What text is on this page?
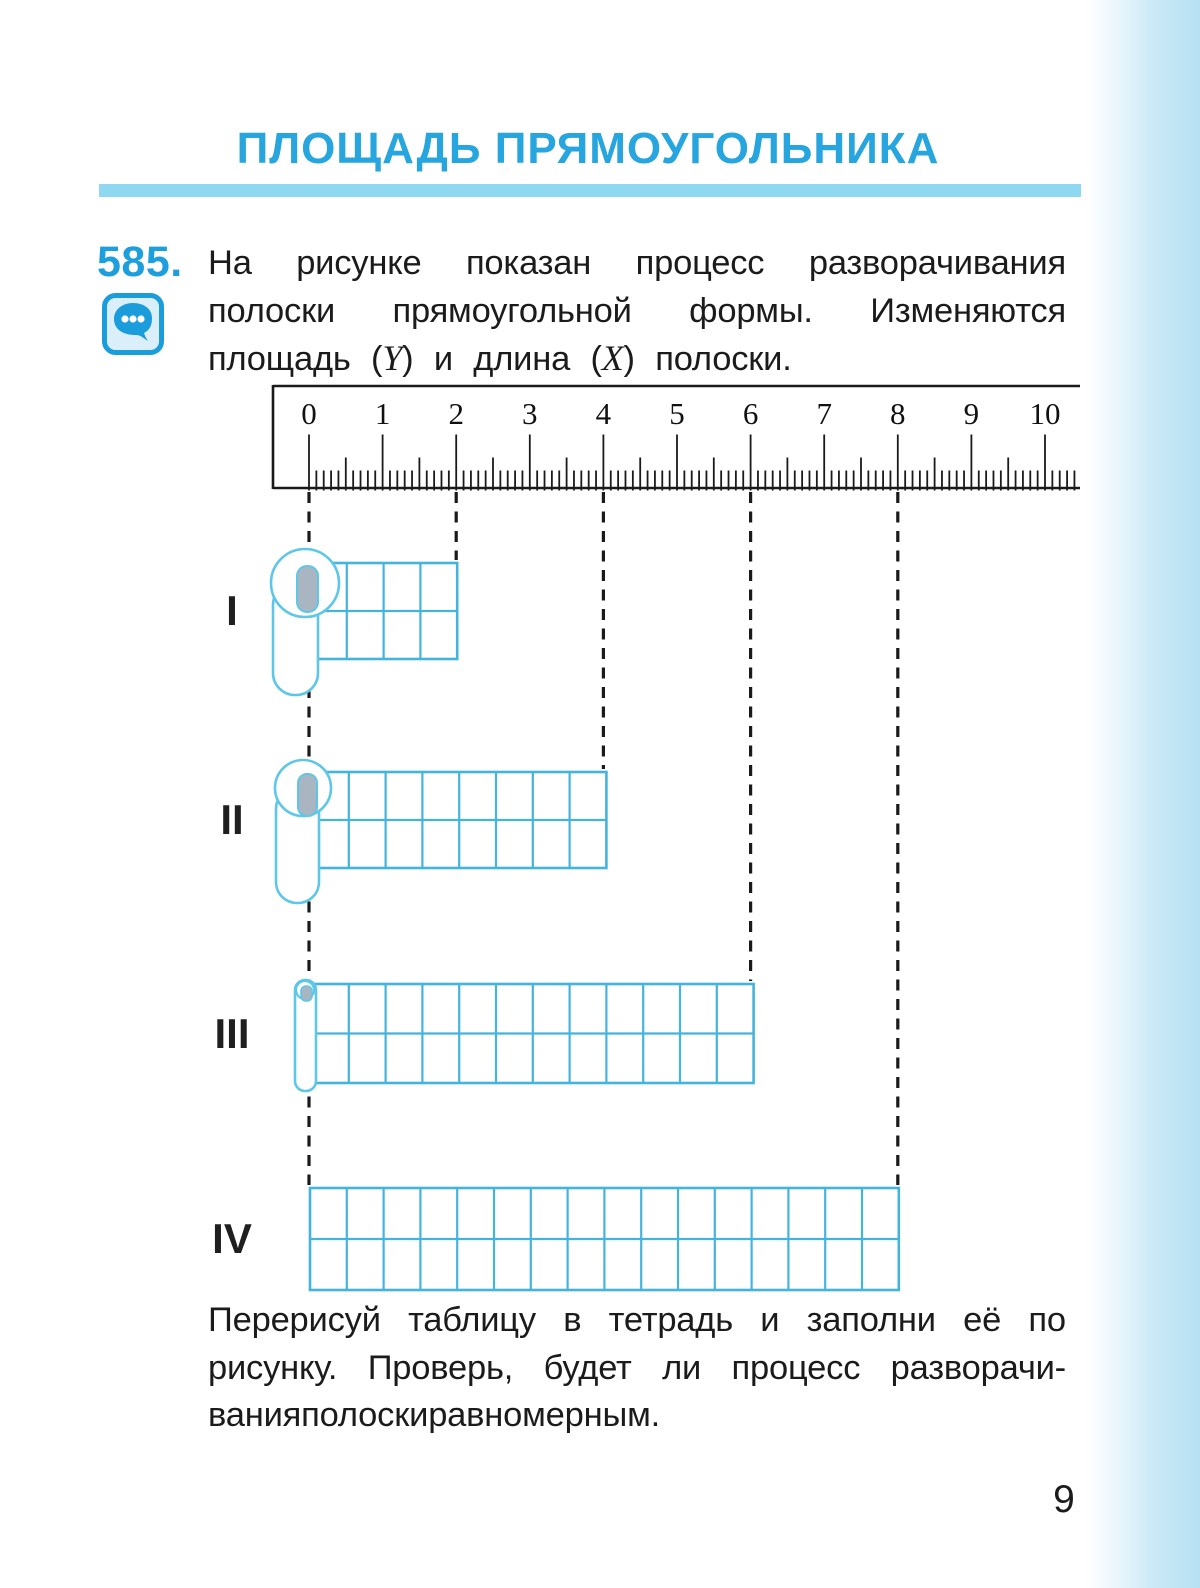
ПЛОЩАДЬ ПРЯМОУГОЛЬНИКА
585. На рисунке показан процесс разворачивания
полоски прямоугольной формы. Изменяются
площадь (Y) и длина (X) полоски.
Перерисуй таблицу в тетрадь и заполни её по
рисунку. Проверь, будет ли процесс разворачи-
ванияполоскиравномерным.
0 1 2 3 4 5 6 7 8 9 10
I
II
III
IV
9
